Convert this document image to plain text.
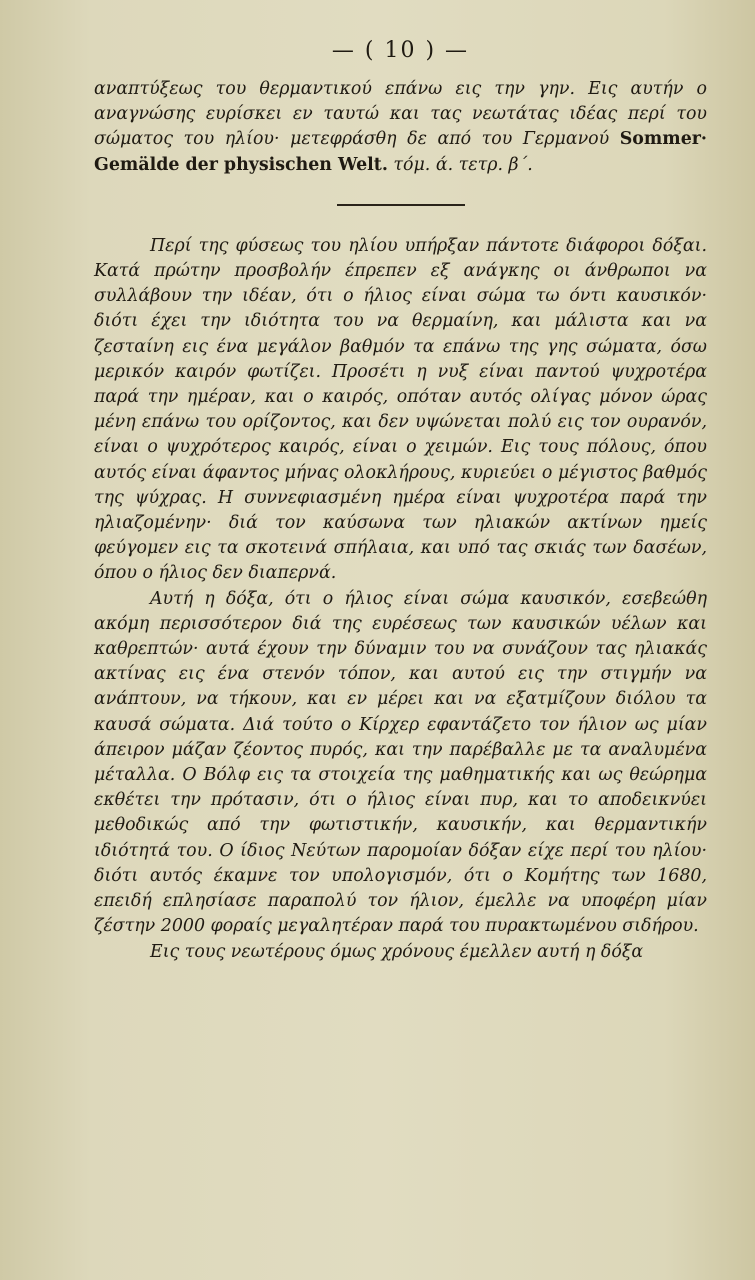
— ( 10 ) —

αναπτύξεως του θερμαντικού επάνω εις την γην. Εις αυτήν ο αναγνώσης ευρίσκει εν ταυτώ και τας νεωτάτας ιδέας περί του σώματος του ηλίου· μετεφράσθη δε από του Γερμανού Sommer· Gemälde der physischen Welt. τόμ. ά. τετρ. β΄.

Περί της φύσεως του ηλίου υπήρξαν πάντοτε διάφοροι δόξαι. Κατά πρώτην προσβολήν έπρεπεν εξ ανάγκης οι άνθρωποι να συλλάβουν την ιδέαν, ότι ο ήλιος είναι σώμα τω όντι καυσικόν· διότι έχει την ιδιότητα του να θερμαίνη, και μάλιστα και να ζεσταίνη εις ένα μεγάλον βαθμόν τα επάνω της γης σώματα, όσω μερικόν καιρόν φωτίζει. Προσέτι η νυξ είναι παντού ψυχροτέρα παρά την ημέραν, και ο καιρός, οπόταν αυτός ολίγας μόνον ώρας μένη επάνω του ορίζοντος, και δεν υψώνεται πολύ εις τον ουρανόν, είναι ο ψυχρότερος καιρός, είναι ο χειμών. Εις τους πόλους, όπου αυτός είναι άφαντος μήνας ολοκλήρους, κυριεύει ο μέγιστος βαθμός της ψύχρας. Η συννεφιασμένη ημέρα είναι ψυχροτέρα παρά την ηλιαζομένην· διά τον καύσωνα των ηλιακών ακτίνων ημείς φεύγομεν εις τα σκοτεινά σπήλαια, και υπό τας σκιάς των δασέων, όπου ο ήλιος δεν διαπερνά.

Αυτή η δόξα, ότι ο ήλιος είναι σώμα καυσικόν, εσεβεώθη ακόμη περισσότερον διά της ευρέσεως των καυσικών υέλων και καθρεπτών· αυτά έχουν την δύναμιν του να συνάζουν τας ηλιακάς ακτίνας εις ένα στενόν τόπον, και αυτού εις την στιγμήν να ανάπτουν, να τήκουν, και εν μέρει και να εξατμίζουν διόλου τα καυσά σώματα. Διά τούτο ο Κίρχερ εφαντάζετο τον ήλιον ως μίαν άπειρον μάζαν ζέοντος πυρός, και την παρέβαλλε με τα αναλυμένα μέταλλα. Ο Βόλφ εις τα στοιχεία της μαθηματικής και ως θεώρημα εκθέτει την πρότασιν, ότι ο ήλιος είναι πυρ, και το αποδεικνύει μεθοδικώς από την φωτιστικήν, καυσικήν, και θερμαντικήν ιδιότητά του. Ο ίδιος Νεύτων παρομοίαν δόξαν είχε περί του ηλίου· διότι αυτός έκαμνε τον υπολογισμόν, ότι ο Κομήτης των 1680, επειδή επλησίασε παραπολύ τον ήλιον, έμελλε να υποφέρη μίαν ζέστην 2000 φοραίς μεγαλητέραν παρά του πυρακτωμένου σιδήρου.

Εις τους νεωτέρους όμως χρόνους έμελλεν αυτή η δόξα
